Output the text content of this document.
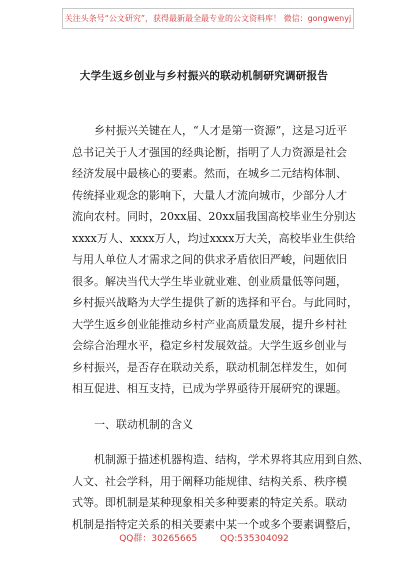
关注头条号“公文研究”，获得最新最全最专业的公文资料库！ 微信：gongwenyj
大学生返乡创业与乡村振兴的联动机制研究调研报告
乡村振兴关键在人，“人才是第一资源”，这是习近平
总书记关于人才强国的经典论断，指明了人力资源是社会
经济发展中最核心的要素。然而，在城乡二元结构体制、
传统择业观念的影响下，大量人才流向城市，少部分人才
流向农村。同时，20xx届、20xx届我国高校毕业生分别达
xxxx万人、xxxx万人，均过xxxx万大关，高校毕业生供给
与用人单位人才需求之间的供求矛盾依旧严峻，问题依旧
很多。解决当代大学生毕业就业难、创业质量低等问题，
乡村振兴战略为大学生提供了新的选择和平台。与此同时，
大学生返乡创业能推动乡村产业高质量发展，提升乡村社
会综合治理水平，稳定乡村发展效益。大学生返乡创业与
乡村振兴，是否存在联动关系，联动机制怎样发生，如何
相互促进、相互支持，已成为学界亟待开展研究的课题。
一、联动机制的含义
机制源于描述机器构造、结构，学术界将其应用到自然、
人文、社会学科，用于阐释功能规律、结构关系、秩序模
式等。即机制是某种现象相关多种要素的特定关系。联动
机制是指特定关系的相关要素中某一个或多个要素调整后，
QQ群：30265665	QQ:535304092
